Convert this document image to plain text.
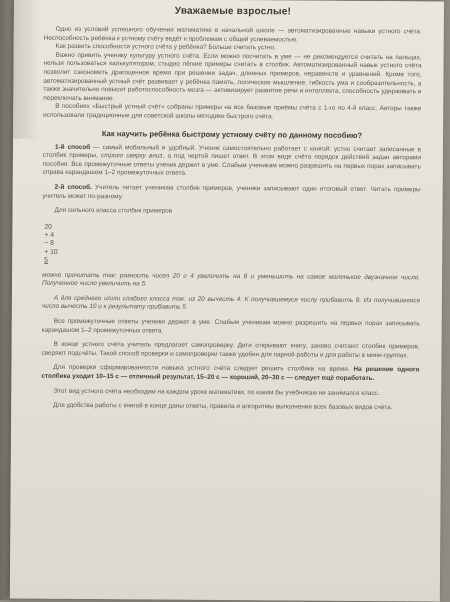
Уважаемые взрослые!

Одно из условий успешного обучения математике в начальной школе — автоматизированные навыки устного счёта. Неспособность ребёнка к устному счёту ведёт к проблемам с общей успеваемостью.

Как развить способности устного счёта у ребёнка? Больше считать устно.

Важно привить ученику культуру устного счёта. Если можно посчитать в уме — не рекомендуется считать на пальцах, нельзя пользоваться калькулятором, стыдно лёгкие примеры считать в столбик. Автоматизированный навык устного счёта позволит сэкономить драгоценное время при решении задач, длинных примеров, неравенств и уравнений. Кроме того, автоматизированный устный счёт развивает у ребёнка память, логическое мышление, гибкость ума и сообразительность, а также значительно повысит работоспособность мозга — активизирует развитие речи и интеллекта, способность удерживать и переключать внимание.

В пособиях «Быстрый устный счёт» собраны примеры на все базовые приёмы счёта с 1-го по 4-й класс. Авторы также использовали традиционные для советской школы методики быстрого счёта.

Как научить ребёнка быстрому устному счёту по данному пособию?

1-й способ — самый мобильный и удобный. Ученик самостоятельно работает с книгой: устно считает записанные в столбик примеры, строго сверху вниз, а под чертой пишет ответ. В этом виде счёта порядок действий задан авторами пособия. Все промежуточные ответы ученик держит в уме. Слабым ученикам можно разрешить на первых порах записывать справа карандашом 1–2 промежуточных ответа.

2-й способ. Учитель читает ученикам столбик примеров, ученики записывают один итоговый ответ. Читать примеры учитель может по-разному.

Для сильного класса столбик примеров

20
+ 4
− 8
+ 10
5

можно прочитать так: разность чисел 20 и 4 увеличить на 8 и уменьшить на самое маленькое двузначное число. Полученное число увеличить на 5.

А для среднего и/или слабого класса так: из 20 вычесть 4. К получившемуся числу прибавить 8. Из получившегося числа вычесть 10 и к результату прибавить 5.

Все промежуточные ответы ученики держат в уме. Слабым ученикам можно разрешить на первых порах записывать карандашом 1–2 промежуточных ответа.

В конце устного счёта учитель предлагает самопроверку. Дети открывают книгу, заново считают столбик примеров, сверяют подсчёты. Такой способ проверки и самопроверки также удобен для парной работы и для работы в мини-группах.

Для проверки сформированности навыка устного счёта следует решить столбики на время. На решение одного столбика уходит 10–15 с — отличный результат, 15–20 с — хороший, 20–30 с — следует ещё поработать.

Этот вид устного счёта необходим на каждом уроке математики, по каким бы учебникам ни занимался класс.

Для удобства работы с книгой в конце даны ответы, правила и алгоритмы выполнения всех базовых видов счёта.
